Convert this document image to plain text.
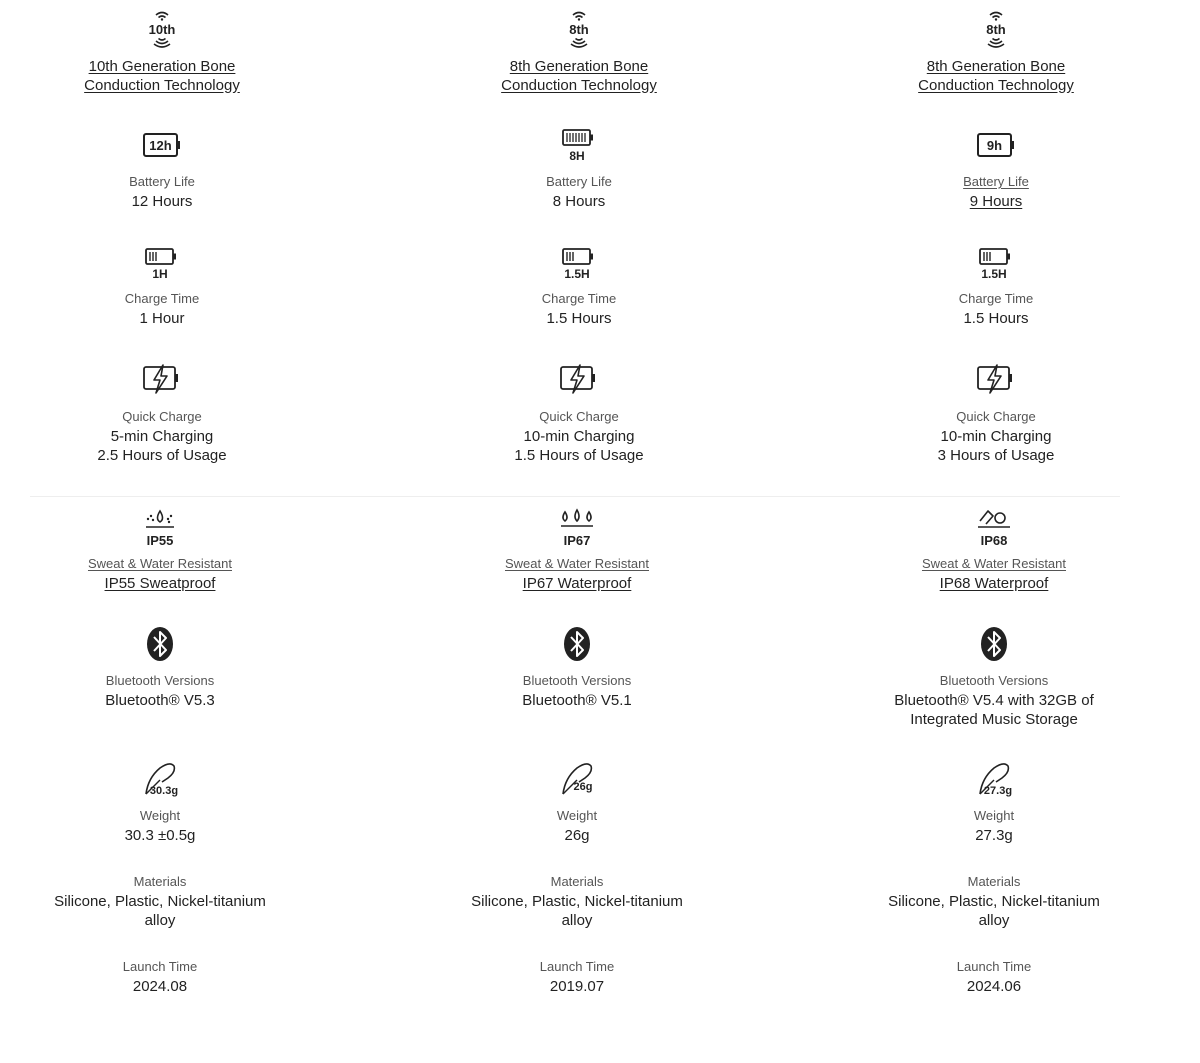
10th
10th Generation Bone Conduction Technology
12h
Battery Life
12 Hours
1H
Charge Time
1 Hour
Quick Charge
5-min Charging
2.5 Hours of Usage
IP55
Sweat & Water Resistant
IP55 Sweatproof
Bluetooth Versions
Bluetooth® V5.3
30.3g
Weight
30.3 ±0.5g
Materials
Silicone, Plastic, Nickel-titanium
alloy
Launch Time
2024.08
8th
8th Generation Bone Conduction Technology
8H
Battery Life
8 Hours
1.5H
Charge Time
1.5 Hours
Quick Charge
10-min Charging
1.5 Hours of Usage
IP67
Sweat & Water Resistant
IP67 Waterproof
Bluetooth Versions
Bluetooth® V5.1
26g
Weight
26g
Materials
Silicone, Plastic, Nickel-titanium
alloy
Launch Time
2019.07
8th
8th Generation Bone Conduction Technology
9h
Battery Life
9 Hours
1.5H
Charge Time
1.5 Hours
Quick Charge
10-min Charging
3 Hours of Usage
IP68
Sweat & Water Resistant
IP68 Waterproof
Bluetooth Versions
Bluetooth® V5.4 with 32GB of
Integrated Music Storage
27.3g
Weight
27.3g
Materials
Silicone, Plastic, Nickel-titanium
alloy
Launch Time
2024.06
